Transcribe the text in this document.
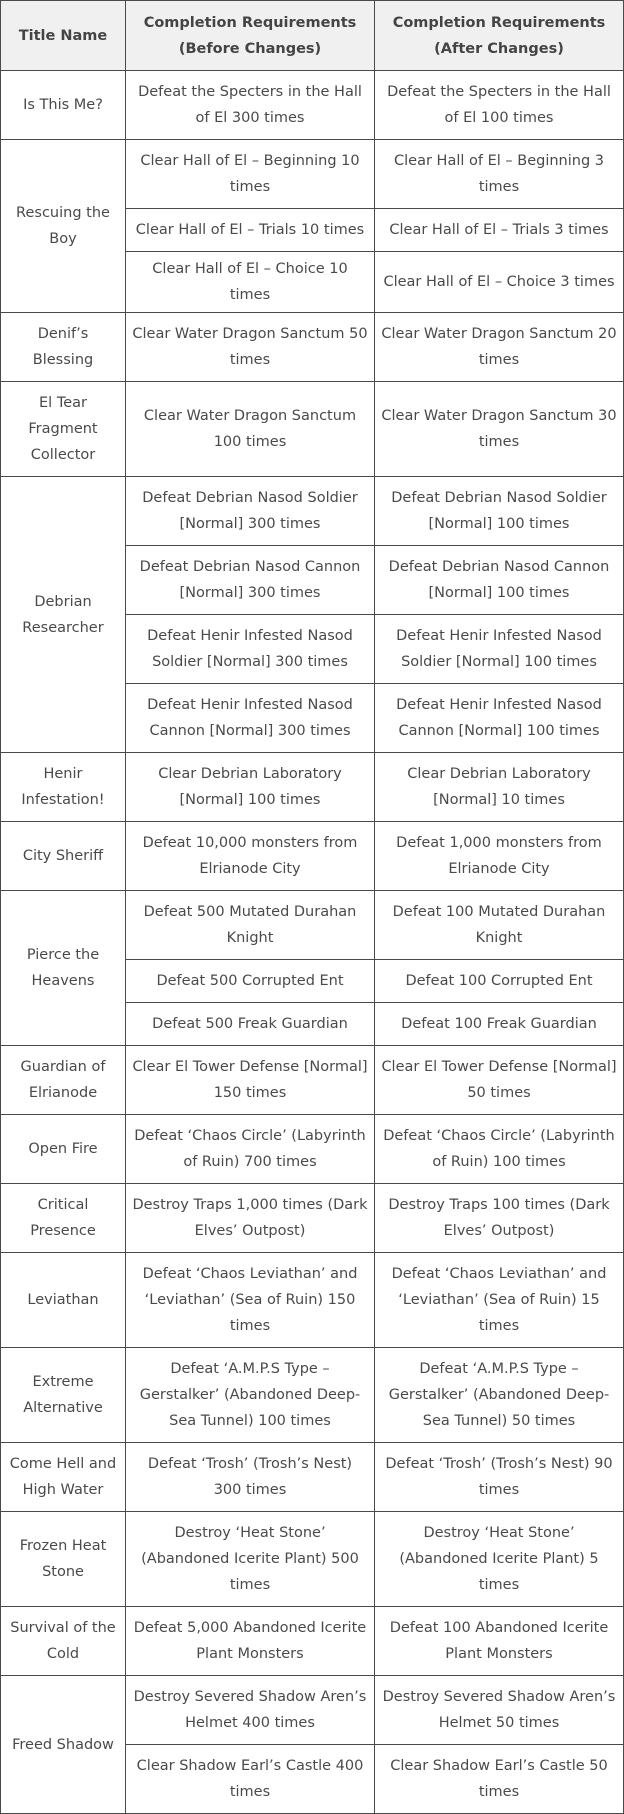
Title Name	Completion Requirements (Before Changes)	Completion Requirements (After Changes)
Is This Me?	Defeat the Specters in the Hall of El 300 times	Defeat the Specters in the Hall of El 100 times
Rescuing the Boy	Clear Hall of El – Beginning 10 times	Clear Hall of El – Beginning 3 times
	Clear Hall of El – Trials 10 times	Clear Hall of El – Trials 3 times
	Clear Hall of El – Choice 10 times	Clear Hall of El – Choice 3 times
Denif’s Blessing	Clear Water Dragon Sanctum 50 times	Clear Water Dragon Sanctum 20 times
El Tear Fragment Collector	Clear Water Dragon Sanctum 100 times	Clear Water Dragon Sanctum 30 times
Debrian Researcher	Defeat Debrian Nasod Soldier [Normal] 300 times	Defeat Debrian Nasod Soldier [Normal] 100 times
	Defeat Debrian Nasod Cannon [Normal] 300 times	Defeat Debrian Nasod Cannon [Normal] 100 times
	Defeat Henir Infested Nasod Soldier [Normal] 300 times	Defeat Henir Infested Nasod Soldier [Normal] 100 times
	Defeat Henir Infested Nasod Cannon [Normal] 300 times	Defeat Henir Infested Nasod Cannon [Normal] 100 times
Henir Infestation!	Clear Debrian Laboratory [Normal] 100 times	Clear Debrian Laboratory [Normal] 10 times
City Sheriff	Defeat 10,000 monsters from Elrianode City	Defeat 1,000 monsters from Elrianode City
Pierce the Heavens	Defeat 500 Mutated Durahan Knight	Defeat 100 Mutated Durahan Knight
	Defeat 500 Corrupted Ent	Defeat 100 Corrupted Ent
	Defeat 500 Freak Guardian	Defeat 100 Freak Guardian
Guardian of Elrianode	Clear El Tower Defense [Normal] 150 times	Clear El Tower Defense [Normal] 50 times
Open Fire	Defeat ‘Chaos Circle’ (Labyrinth of Ruin) 700 times	Defeat ‘Chaos Circle’ (Labyrinth of Ruin) 100 times
Critical Presence	Destroy Traps 1,000 times (Dark Elves’ Outpost)	Destroy Traps 100 times (Dark Elves’ Outpost)
Leviathan	Defeat ‘Chaos Leviathan’ and ‘Leviathan’ (Sea of Ruin) 150 times	Defeat ‘Chaos Leviathan’ and ‘Leviathan’ (Sea of Ruin) 15 times
Extreme Alternative	Defeat ‘A.M.P.S Type – Gerstalker’ (Abandoned Deep-Sea Tunnel) 100 times	Defeat ‘A.M.P.S Type – Gerstalker’ (Abandoned Deep-Sea Tunnel) 50 times
Come Hell and High Water	Defeat ‘Trosh’ (Trosh’s Nest) 300 times	Defeat ‘Trosh’ (Trosh’s Nest) 90 times
Frozen Heat Stone	Destroy ‘Heat Stone’ (Abandoned Icerite Plant) 500 times	Destroy ‘Heat Stone’ (Abandoned Icerite Plant) 5 times
Survival of the Cold	Defeat 5,000 Abandoned Icerite Plant Monsters	Defeat 100 Abandoned Icerite Plant Monsters
Freed Shadow	Destroy Severed Shadow Aren’s Helmet 400 times	Destroy Severed Shadow Aren’s Helmet 50 times
	Clear Shadow Earl’s Castle 400 times	Clear Shadow Earl’s Castle 50 times
